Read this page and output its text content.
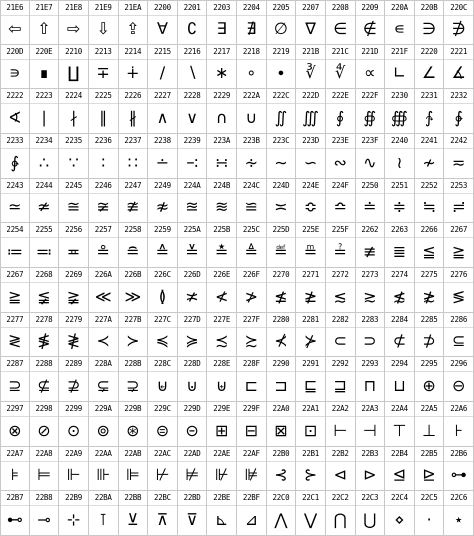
21E6
⇦
21E7
⇧
21E8
⇨
21E9
⇩
21EA
⇪
2200
∀
2201
∁
2203
∃
2204
∄
2205
∅
2207
∇
2208
∈
2209
∉
220A
∊
220B
∋
220C
∌
220D
∍
220E
∎
2210
∐
2213
∓
2214
∔
2215
∕
2216
∖
2217
∗
2218
∘
2219
∙
221B
∛
221C
∜
221D
∝
221F
∟
2220
∠
2221
∡
2222
∢
2223
∣
2224
∤
2225
∥
2226
∦
2227
∧
2228
∨
2229
∩
222A
∪
222C
∬
222D
∭
222E
∮
222F
∯
2230
∰
2231
∱
2232
∲
2233
∳
2234
∴
2235
∵
2236
∶
2237
∷
2238
∸
2239
∹
223A
∺
223B
∻
223C
∼
223D
∽
223E
∾
223F
∿
2240
≀
2241
≁
2242
≂
2243
≃
2244
≄
2245
≅
2246
≆
2247
≇
2249
≉
224A
≊
224B
≋
224C
≌
224D
≍
224E
≎
224F
≏
2250
≐
2251
≑
2252
≒
2253
≓
2254
≔
2255
≕
2256
≖
2257
≗
2258
≘
2259
≙
225A
≚
225B
≛
225C
≜
225D
≝
225E
≞
225F
≟
2262
≢
2263
≣
2266
≦
2267
≧
2267
≧
2268
≨
2269
≩
226A
≪
226B
≫
226C
≬
226D
≭
226E
≮
226F
≯
2270
≰
2271
≱
2272
≲
2273
≳
2274
≴
2275
≵
2276
≶
2277
≷
2278
≸
2279
≹
227A
≺
227B
≻
227C
≼
227D
≽
227E
≾
227F
≿
2280
⊀
2281
⊁
2282
⊂
2283
⊃
2284
⊄
2285
⊅
2286
⊆
2287
⊇
2288
⊈
2289
⊉
228A
⊊
228B
⊋
228C
⊌
228D
⊍
228E
⊎
228F
⊏
2290
⊐
2291
⊑
2292
⊒
2293
⊓
2294
⊔
2295
⊕
2296
⊖
2297
⊗
2298
⊘
2299
⊙
229A
⊚
229B
⊛
229C
⊜
229D
⊝
229E
⊞
229F
⊟
22A0
⊠
22A1
⊡
22A2
⊢
22A3
⊣
22A4
⊤
22A5
⊥
22A6
⊦
22A7
⊧
22A8
⊨
22A9
⊩
22AA
⊪
22AB
⊫
22AC
⊬
22AD
⊭
22AE
⊮
22AF
⊯
22B0
⊰
22B1
⊱
22B2
⊲
22B3
⊳
22B4
⊴
22B5
⊵
22B6
⊶
22B7
⊷
22B8
⊸
22B9
⊹
22BA
⊺
22BB
⊻
22BC
⊼
22BD
⊽
22BE
⊾
22BF
⊿
22C0
⋀
22C1
⋁
22C2
⋂
22C3
⋃
22C4
⋄
22C5
⋅
22C6
⋆
